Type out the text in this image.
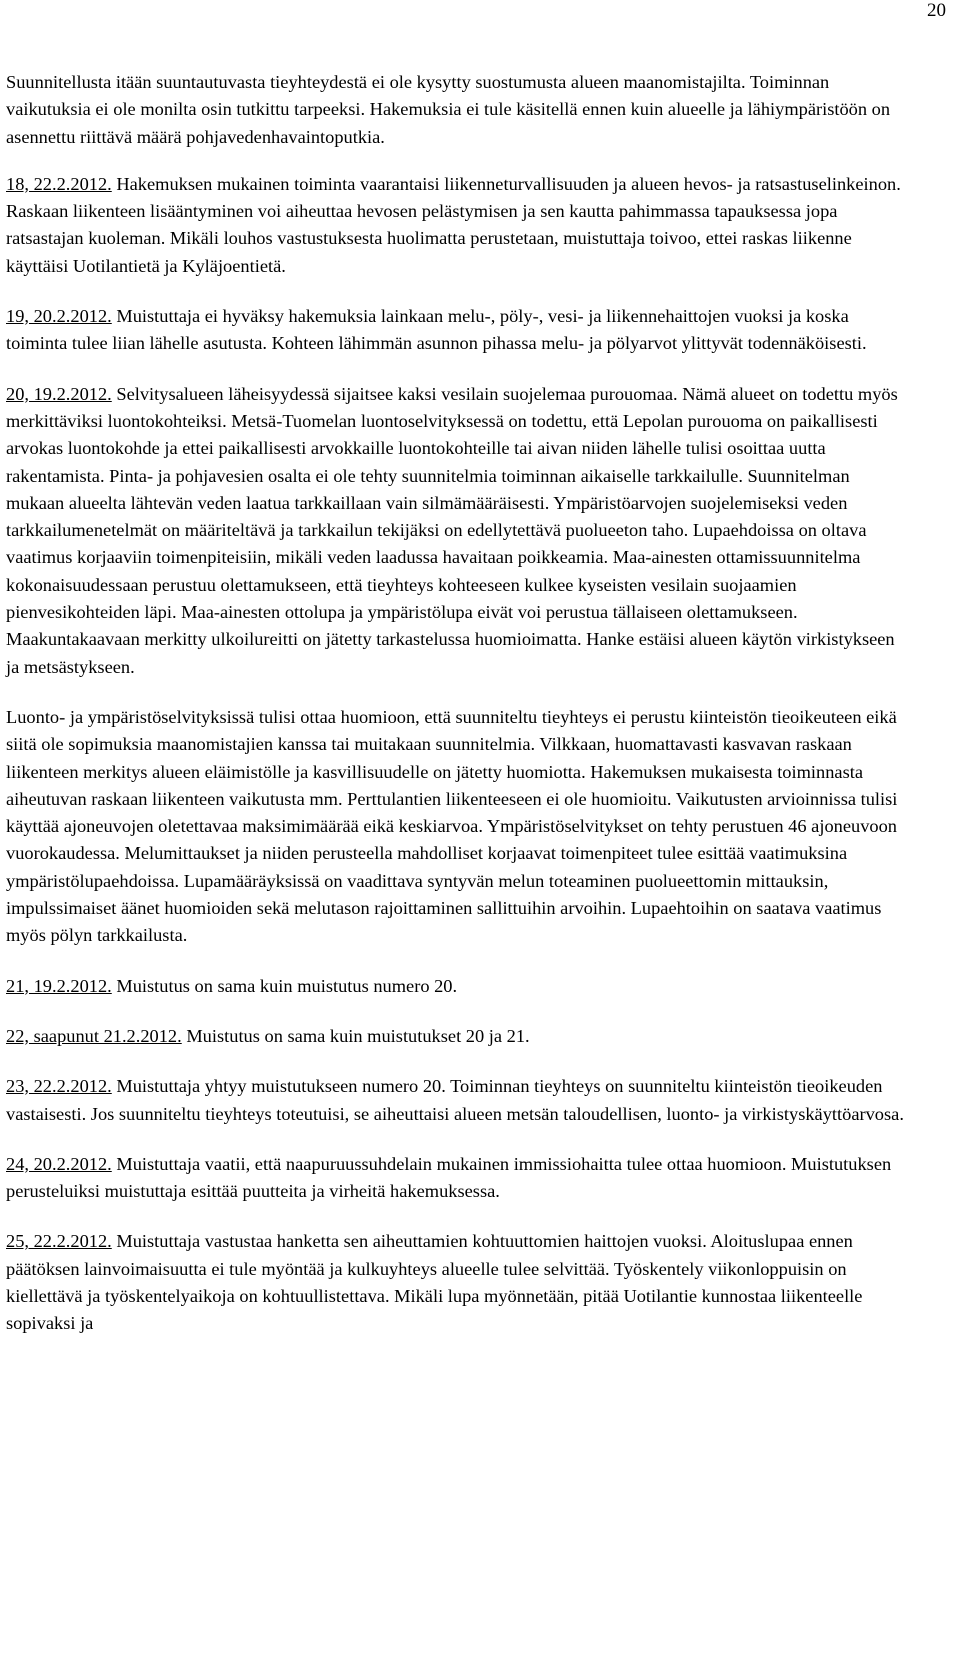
20

Suunnitellusta itään suuntautuvasta tieyhteydestä ei ole kysytty suostumusta alueen maanomistajilta. Toiminnan vaikutuksia ei ole monilta osin tutkittu tarpeeksi. Hakemuksia ei tule käsitellä ennen kuin alueelle ja lähiympäristöön on asennettu riittävä määrä pohjavedenhavaintoputkia.

18, 22.2.2012. Hakemuksen mukainen toiminta vaarantaisi liikenneturvallisuuden ja alueen hevos- ja ratsastuselinkeinon. Raskaan liikenteen lisääntyminen voi aiheuttaa hevosen pelästymisen ja sen kautta pahimmassa tapauksessa jopa ratsastajan kuoleman. Mikäli louhos vastustuksesta huolimatta perustetaan, muistuttaja toivoo, ettei raskas liikenne käyttäisi Uotilantietä ja Kyläjoentietä.

19, 20.2.2012. Muistuttaja ei hyväksy hakemuksia lainkaan melu-, pöly-, vesi- ja liikennehaittojen vuoksi ja koska toiminta tulee liian lähelle asutusta. Kohteen lähimmän asunnon pihassa melu- ja pölyarvot ylittyvät todennäköisesti.

20, 19.2.2012. Selvitysalueen läheisyydessä sijaitsee kaksi vesilain suojelemaa purouomaa. Nämä alueet on todettu myös merkittäviksi luontokohteiksi. Metsä-Tuomelan luontoselvityksessä on todettu, että Lepolan purouoma on paikallisesti arvokas luontokohde ja ettei paikallisesti arvokkaille luontokohteille tai aivan niiden lähelle tulisi osoittaa uutta rakentamista. Pinta- ja pohjavesien osalta ei ole tehty suunnitelmia toiminnan aikaiselle tarkkailulle. Suunnitelman mukaan alueelta lähtevän veden laatua tarkkaillaan vain silmämääräisesti. Ympäristöarvojen suojelemiseksi veden tarkkailumenetelmät on määriteltävä ja tarkkailun tekijäksi on edellytettävä puolueeton taho. Lupaehdoissa on oltava vaatimus korjaaviin toimenpiteisiin, mikäli veden laadussa havaitaan poikkeamia. Maa-ainesten ottamissuunnitelma kokonaisuudessaan perustuu olettamukseen, että tieyhteys kohteeseen kulkee kyseisten vesilain suojaamien pienvesikohteiden läpi. Maa-ainesten ottolupa ja ympäristölupa eivät voi perustua tällaiseen olettamukseen. Maakuntakaavaan merkitty ulkoilureitti on jätetty tarkastelussa huomioimatta. Hanke estäisi alueen käytön virkistykseen ja metsästykseen.

Luonto- ja ympäristöselvityksissä tulisi ottaa huomioon, että suunniteltu tieyhteys ei perustu kiinteistön tieoikeuteen eikä siitä ole sopimuksia maanomistajien kanssa tai muitakaan suunnitelmia. Vilkkaan, huomattavasti kasvavan raskaan liikenteen merkitys alueen eläimistölle ja kasvillisuudelle on jätetty huomiotta. Hakemuksen mukaisesta toiminnasta aiheutuvan raskaan liikenteen vaikutusta mm. Perttulantien liikenteeseen ei ole huomioitu. Vaikutusten arvioinnissa tulisi käyttää ajoneuvojen oletettavaa maksimimäärää eikä keskiarvoa. Ympäristöselvitykset on tehty perustuen 46 ajoneuvoon vuorokaudessa. Melumittaukset ja niiden perusteella mahdolliset korjaavat toimenpiteet tulee esittää vaatimuksina ympäristölupaehdoissa. Lupamääräyksissä on vaadittava syntyvän melun toteaminen puolueettomin mittauksin, impulssimaiset äänet huomioiden sekä melutason rajoittaminen sallittuihin arvoihin. Lupaehtoihin on saatava vaatimus myös pölyn tarkkailusta.

21, 19.2.2012. Muistutus on sama kuin muistutus numero 20.

22, saapunut 21.2.2012. Muistutus on sama kuin muistutukset 20 ja 21.

23, 22.2.2012. Muistuttaja yhtyy muistutukseen numero 20. Toiminnan tieyhteys on suunniteltu kiinteistön tieoikeuden vastaisesti. Jos suunniteltu tieyhteys toteutuisi, se aiheuttaisi alueen metsän taloudellisen, luonto- ja virkistyskäyttöarvosa.

24, 20.2.2012. Muistuttaja vaatii, että naapuruussuhdelain mukainen immissiohaitta tulee ottaa huomioon. Muistutuksen perusteluiksi muistuttaja esittää puutteita ja virheitä hakemuksessa.

25, 22.2.2012. Muistuttaja vastustaa hanketta sen aiheuttamien kohtuuttomien haittojen vuoksi. Aloituslupaa ennen päätöksen lainvoimaisuutta ei tule myöntää ja kulkuyhteys alueelle tulee selvittää. Työskentely viikonloppuisin on kiellettävä ja työskentelyaikoja on kohtuullistettava. Mikäli lupa myönnetään, pitää Uotilantie kunnostaa liikenteelle sopivaksi ja
